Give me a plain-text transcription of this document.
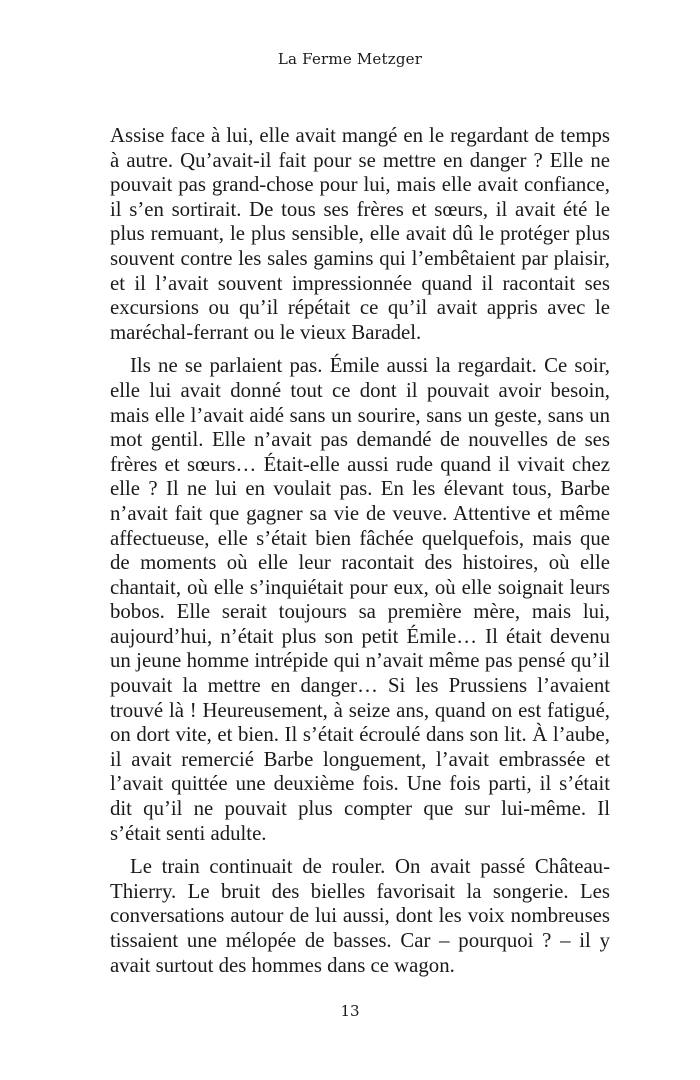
La Ferme Metzger

Assise face à lui, elle avait mangé en le regardant de temps à autre. Qu’avait-il fait pour se mettre en danger ? Elle ne pouvait pas grand-chose pour lui, mais elle avait confiance, il s’en sortirait. De tous ses frères et sœurs, il avait été le plus remuant, le plus sensible, elle avait dû le protéger plus souvent contre les sales gamins qui l’embêtaient par plaisir, et il l’avait souvent impressionnée quand il racontait ses excursions ou qu’il répétait ce qu’il avait appris avec le maréchal-ferrant ou le vieux Baradel.

Ils ne se parlaient pas. Émile aussi la regardait. Ce soir, elle lui avait donné tout ce dont il pouvait avoir besoin, mais elle l’avait aidé sans un sourire, sans un geste, sans un mot gentil. Elle n’avait pas demandé de nouvelles de ses frères et sœurs… Était-elle aussi rude quand il vivait chez elle ? Il ne lui en voulait pas. En les élevant tous, Barbe n’avait fait que gagner sa vie de veuve. Attentive et même affectueuse, elle s’était bien fâchée quelquefois, mais que de moments où elle leur racontait des histoires, où elle chantait, où elle s’inquiétait pour eux, où elle soignait leurs bobos. Elle serait toujours sa première mère, mais lui, aujourd’hui, n’était plus son petit Émile… Il était devenu un jeune homme intrépide qui n’avait même pas pensé qu’il pouvait la mettre en danger… Si les Prussiens l’avaient trouvé là ! Heureusement, à seize ans, quand on est fatigué, on dort vite, et bien. Il s’était écroulé dans son lit. À l’aube, il avait remercié Barbe longuement, l’avait embrassée et l’avait quittée une deuxième fois. Une fois parti, il s’était dit qu’il ne pouvait plus compter que sur lui-même. Il s’était senti adulte.

Le train continuait de rouler. On avait passé Château-Thierry. Le bruit des bielles favorisait la songerie. Les conversations autour de lui aussi, dont les voix nombreuses tissaient une mélopée de basses. Car – pourquoi ? – il y avait surtout des hommes dans ce wagon.

13
